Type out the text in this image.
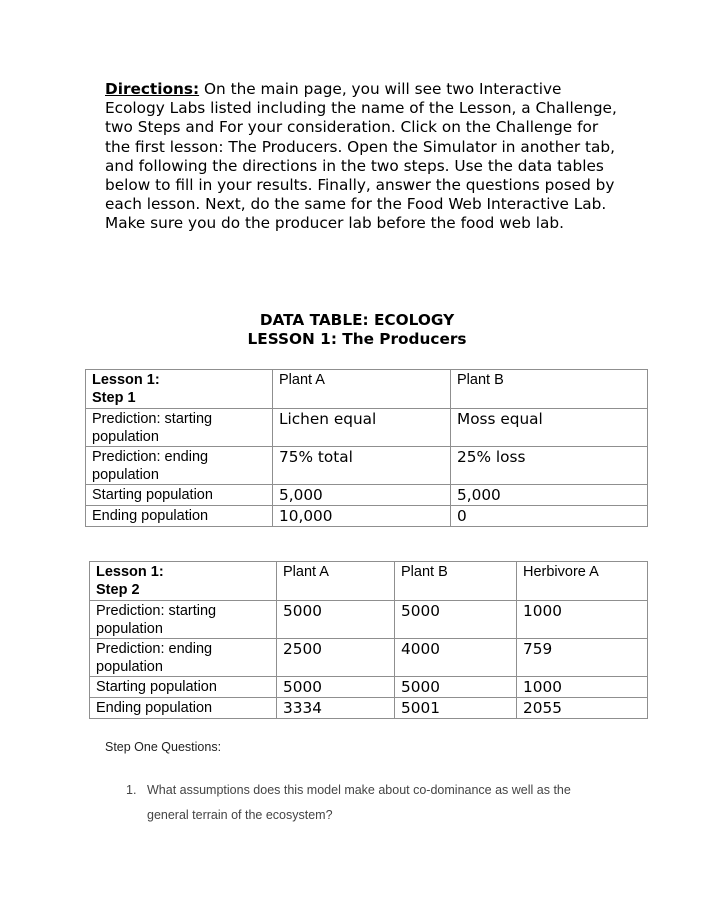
Directions: On the main page, you will see two Interactive Ecology Labs listed including the name of the Lesson, a Challenge, two Steps and For your consideration. Click on the Challenge for the first lesson: The Producers. Open the Simulator in another tab, and following the directions in the two steps. Use the data tables below to fill in your results. Finally, answer the questions posed by each lesson. Next, do the same for the Food Web Interactive Lab. Make sure you do the producer lab before the food web lab.

DATA TABLE: ECOLOGY
LESSON 1: The Producers
Lesson 1:
Step 1	Plant A	Plant B
Prediction: starting population	Lichen equal	Moss equal
Prediction: ending population	75% total	25% loss
Starting population	5,000	5,000
Ending population	10,000	0
Lesson 1:
Step 2	Plant A	Plant B	Herbivore A
Prediction: starting population	5000	5000	1000
Prediction: ending population	2500	4000	759
Starting population	5000	5000	1000
Ending population	3334	5001	2055
Step One Questions:
1. What assumptions does this model make about co-dominance as well as the general terrain of the ecosystem?
